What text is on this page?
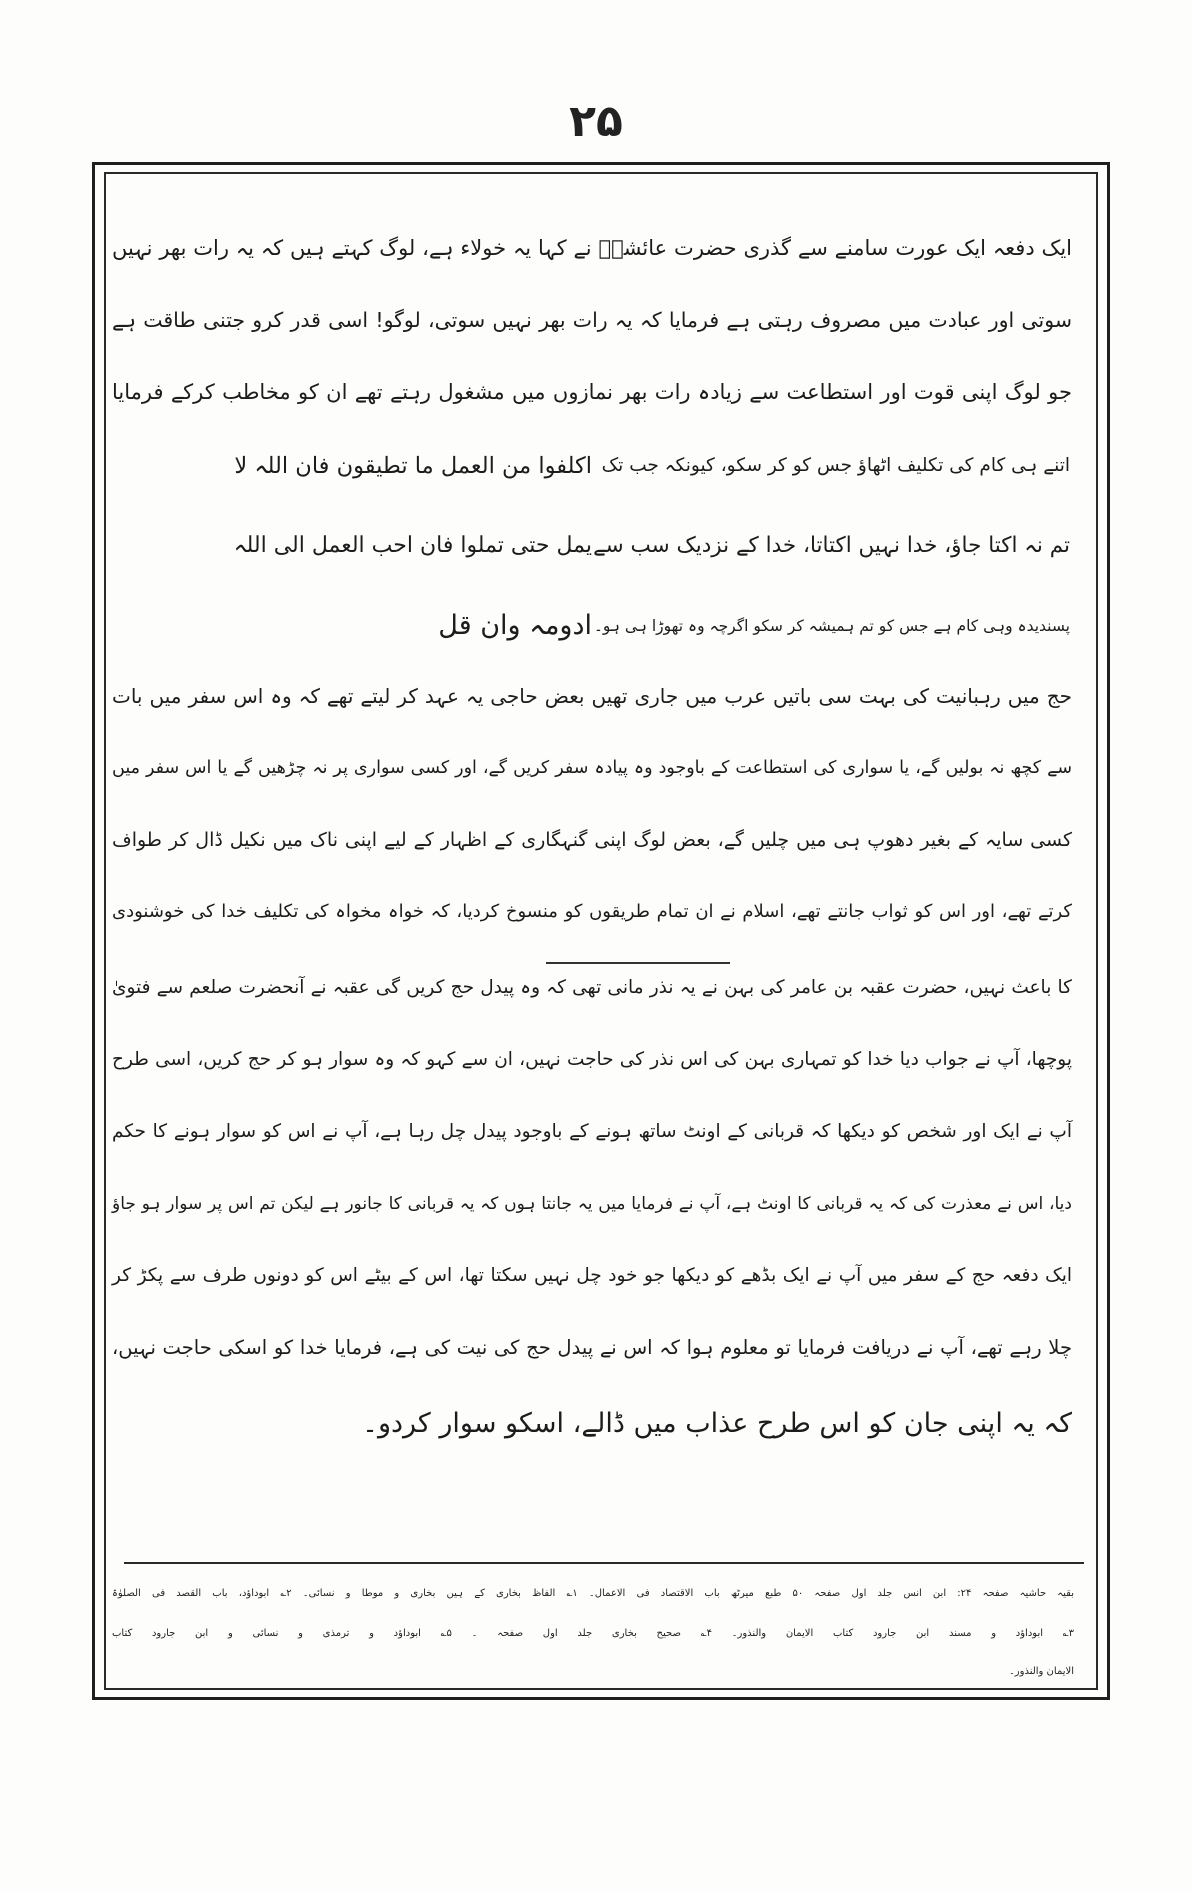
۲۵
ایک دفعہ ایک عورت سامنے سے گذری حضرت عائشہؓ نے کہا یہ خولاء ہے، لوگ کہتے ہیں کہ یہ رات بھر نہیں
سوتی اور عبادت میں مصروف رہتی ہے فرمایا کہ یہ رات بھر نہیں سوتی، لوگو! اسی قدر کرو جتنی طاقت ہے
جو لوگ اپنی قوت اور استطاعت سے زیادہ رات بھر نمازوں میں مشغول رہتے تھے ان کو مخاطب کرکے فرمایا
اکلفوا من العمل ما تطیقون فان اللہ لا اتنے ہی کام کی تکلیف اٹھاؤ جس کو کر سکو، کیونکہ جب تک
یمل حتی تملوا فان احب العمل الی اللہ تم نہ اکتا جاؤ، خدا نہیں اکتاتا، خدا کے نزدیک سب سے
ادومہ وان قل پسندیدہ وہی کام ہے جس کو تم ہمیشہ کر سکو اگرچہ وہ تھوڑا ہی ہو۔
حج میں رہبانیت کی بہت سی باتیں عرب میں جاری تھیں بعض حاجی یہ عہد کر لیتے تھے کہ وہ اس سفر میں بات
سے کچھ نہ بولیں گے، یا سواری کی استطاعت کے باوجود وہ پیادہ سفر کریں گے، اور کسی سواری پر نہ چڑھیں گے یا اس سفر میں
کسی سایہ کے بغیر دھوپ ہی میں چلیں گے، بعض لوگ اپنی گنہگاری کے اظہار کے لیے اپنی ناک میں نکیل ڈال کر طواف
کرتے تھے، اور اس کو ثواب جانتے تھے، اسلام نے ان تمام طریقوں کو منسوخ کردیا، کہ خواہ مخواہ کی تکلیف خدا کی خوشنودی
کا باعث نہیں، حضرت عقبہ بن عامر کی بہن نے یہ نذر مانی تھی کہ وہ پیدل حج کریں گی عقبہ نے آنحضرت صلعم سے فتویٰ
پوچھا، آپ نے جواب دیا خدا کو تمہاری بہن کی اس نذر کی حاجت نہیں، ان سے کہو کہ وہ سوار ہو کر حج کریں، اسی طرح
آپ نے ایک اور شخص کو دیکھا کہ قربانی کے اونٹ ساتھ ہونے کے باوجود پیدل چل رہا ہے، آپ نے اس کو سوار ہونے کا حکم
دیا، اس نے معذرت کی کہ یہ قربانی کا اونٹ ہے، آپ نے فرمایا میں یہ جانتا ہوں کہ یہ قربانی کا جانور ہے لیکن تم اس پر سوار ہو جاؤ
ایک دفعہ حج کے سفر میں آپ نے ایک بڈھے کو دیکھا جو خود چل نہیں سکتا تھا، اس کے بیٹے اس کو دونوں طرف سے پکڑ کر
چلا رہے تھے، آپ نے دریافت فرمایا تو معلوم ہوا کہ اس نے پیدل حج کی نیت کی ہے، فرمایا خدا کو اسکی حاجت نہیں،
کہ یہ اپنی جان کو اس طرح عذاب میں ڈالے، اسکو سوار کردو۔
بقیہ حاشیہ صفحہ ۲۴: ابن انس جلد اول صفحہ ۵۰ طبع میرٹھ باب الاقتصاد فی الاعمال۔ ۱؎ الفاظ بخاری کے ہیں بخاری و موطا و نسائی۔ ۲؎ ابوداؤد، باب القصد فی الصلوٰۃ
۳؎ ابوداؤد و مسند ابن جارود کتاب الایمان والنذور۔ ۴؎ صحیح بخاری جلد اول صفحہ ۔ ۵؎ ابوداؤد و ترمذی و نسائی و ابن جارود کتاب
الایمان والنذور۔
